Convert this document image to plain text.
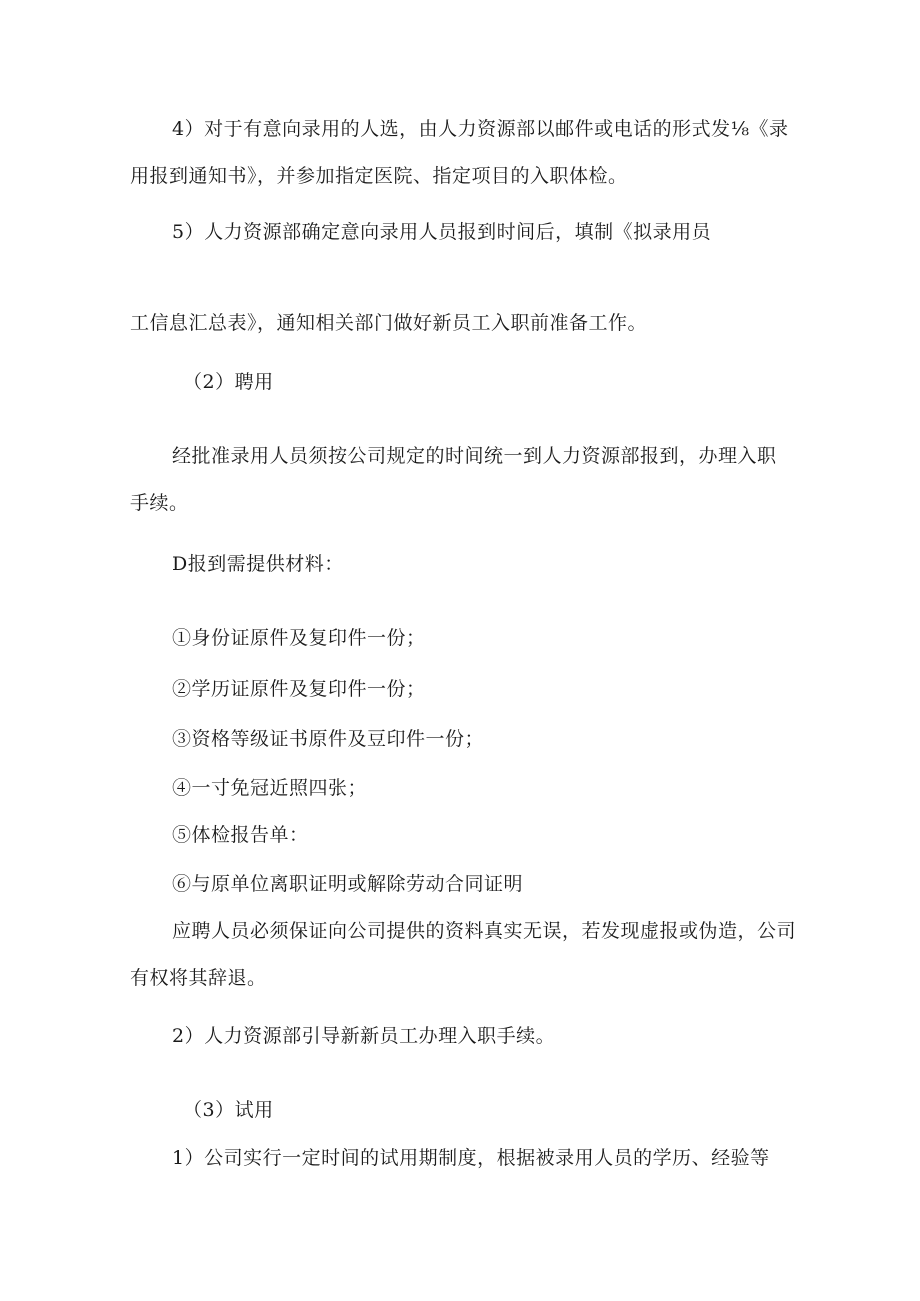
4）对于有意向录用的人选，由人力资源部以邮件或电话的形式发⅛《录
用报到通知书》，并参加指定医院、指定项目的入职体检。
5）人力资源部确定意向录用人员报到时间后，填制《拟录用员
工信息汇总表》，通知相关部门做好新员工入职前准备工作。
（2）聘用
经批准录用人员须按公司规定的时间统一到人力资源部报到，办理入职
手续。
D报到需提供材料：
①身份证原件及复印件一份；
②学历证原件及复印件一份；
③资格等级证书原件及豆印件一份；
④一寸免冠近照四张；
⑤体检报告单：
⑥与原单位离职证明或解除劳动合同证明
应聘人员必须保证向公司提供的资料真实无误，若发现虚报或伪造，公司
有权将其辞退。
2）人力资源部引导新新员工办理入职手续。
（3）试用
1）公司实行一定时间的试用期制度，根据被录用人员的学历、经验等
